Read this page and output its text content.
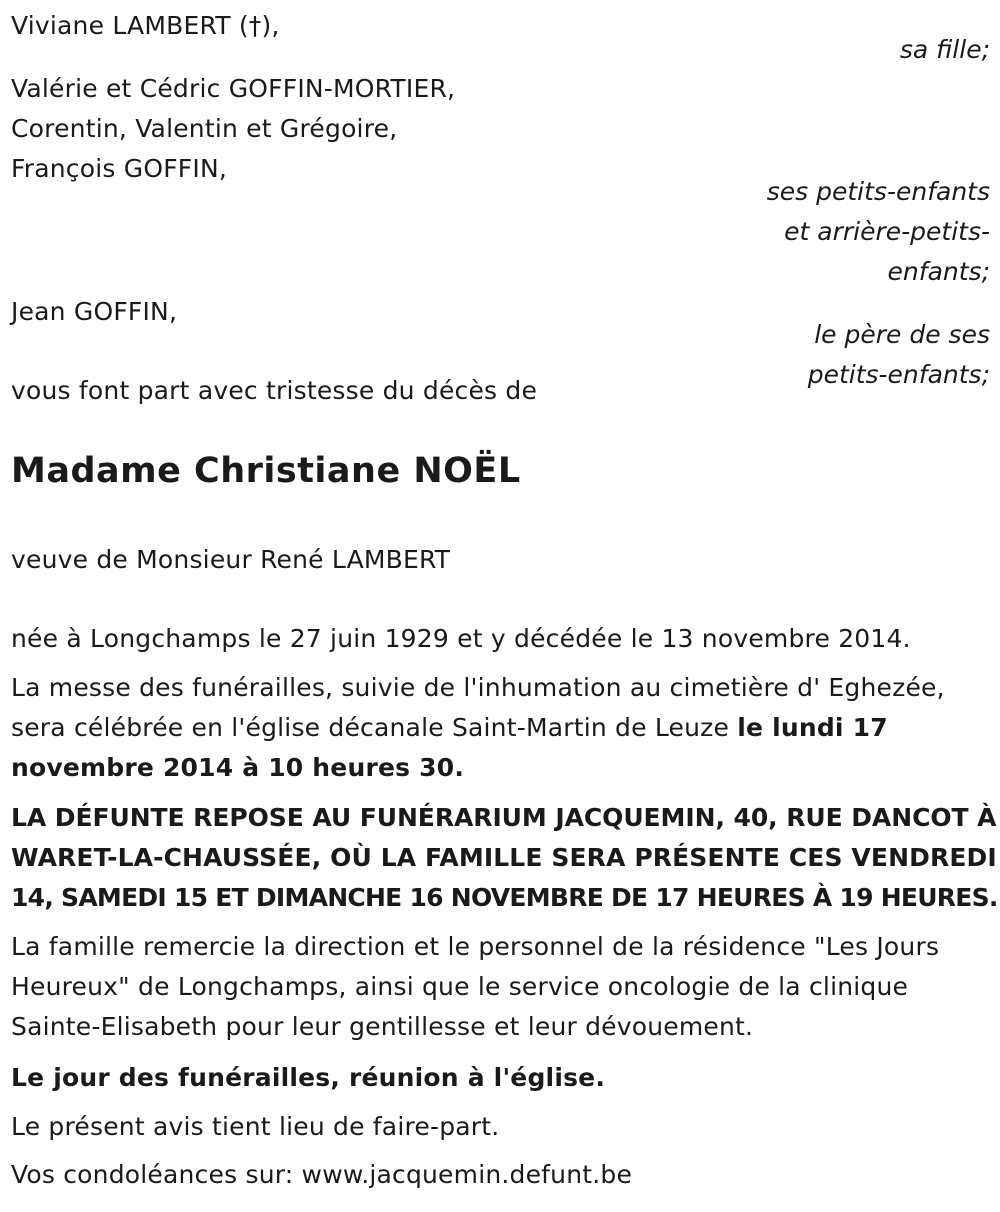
Viviane LAMBERT (†),
sa fille;
Valérie et Cédric GOFFIN-MORTIER,
Corentin, Valentin et Grégoire,
François GOFFIN,
ses petits-enfants
et arrière-petits-
enfants;
Jean GOFFIN,
le père de ses
petits-enfants;
vous font part avec tristesse du décès de
Madame Christiane NOËL
veuve de Monsieur René LAMBERT
née à Longchamps le 27 juin 1929 et y décédée le 13 novembre 2014.
La messe des funérailles, suivie de l'inhumation au cimetière d' Eghezée,
sera célébrée en l'église décanale Saint-Martin de Leuze le lundi 17
novembre 2014 à 10 heures 30.
LA DÉFUNTE REPOSE AU FUNÉRARIUM JACQUEMIN, 40, RUE DANCOT À
WARET-LA-CHAUSSÉE, OÙ LA FAMILLE SERA PRÉSENTE CES VENDREDI
14, SAMEDI 15 ET DIMANCHE 16 NOVEMBRE DE 17 HEURES À 19 HEURES.
La famille remercie la direction et le personnel de la résidence "Les Jours
Heureux" de Longchamps, ainsi que le service oncologie de la clinique
Sainte-Elisabeth pour leur gentillesse et leur dévouement.
Le jour des funérailles, réunion à l'église.
Le présent avis tient lieu de faire-part.
Vos condoléances sur: www.jacquemin.defunt.be
